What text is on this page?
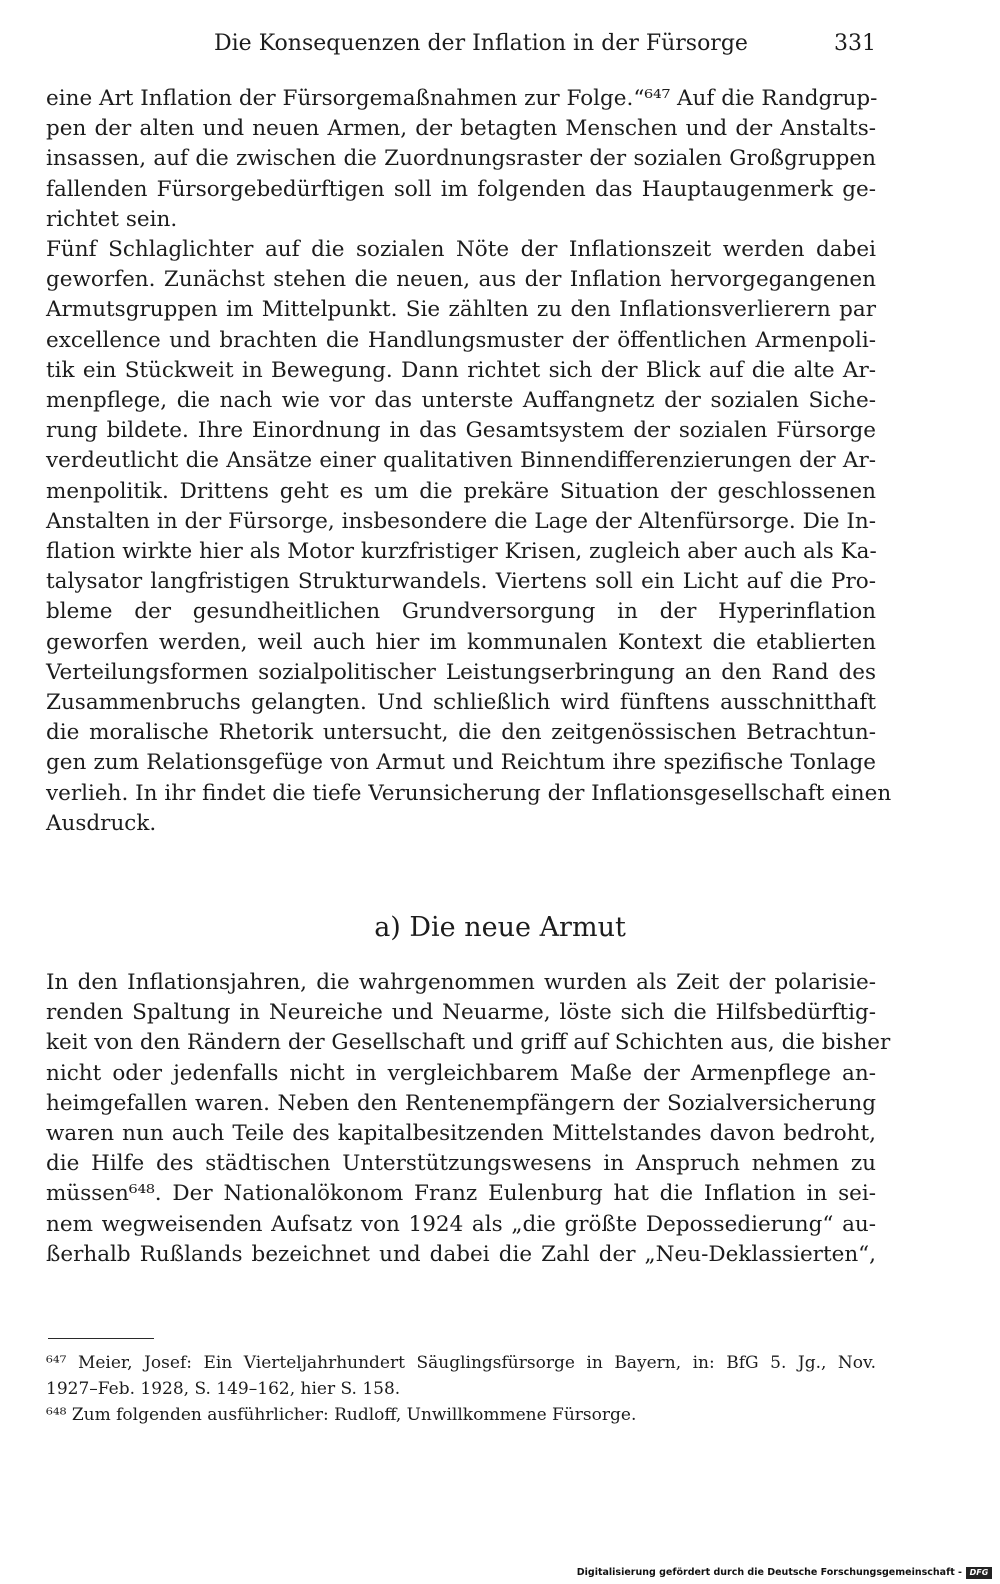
Die Konsequenzen der Inflation in der Fürsorge	331
eine Art Inflation der Fürsorgemaßnahmen zur Folge.“⁶⁴⁷ Auf die Randgrup-
pen der alten und neuen Armen, der betagten Menschen und der Anstalts-
insassen, auf die zwischen die Zuordnungsraster der sozialen Großgruppen
fallenden Fürsorgebedürftigen soll im folgenden das Hauptaugenmerk ge-
richtet sein.
Fünf Schlaglichter auf die sozialen Nöte der Inflationszeit werden dabei
geworfen. Zunächst stehen die neuen, aus der Inflation hervorgegangenen
Armutsgruppen im Mittelpunkt. Sie zählten zu den Inflationsverlierern par
excellence und brachten die Handlungsmuster der öffentlichen Armenpoli-
tik ein Stückweit in Bewegung. Dann richtet sich der Blick auf die alte Ar-
menpflege, die nach wie vor das unterste Auffangnetz der sozialen Siche-
rung bildete. Ihre Einordnung in das Gesamtsystem der sozialen Fürsorge
verdeutlicht die Ansätze einer qualitativen Binnendifferenzierungen der Ar-
menpolitik. Drittens geht es um die prekäre Situation der geschlossenen
Anstalten in der Fürsorge, insbesondere die Lage der Altenfürsorge. Die In-
flation wirkte hier als Motor kurzfristiger Krisen, zugleich aber auch als Ka-
talysator langfristigen Strukturwandels. Viertens soll ein Licht auf die Pro-
bleme der gesundheitlichen Grundversorgung in der Hyperinflation
geworfen werden, weil auch hier im kommunalen Kontext die etablierten
Verteilungsformen sozialpolitischer Leistungserbringung an den Rand des
Zusammenbruchs gelangten. Und schließlich wird fünftens ausschnitthaft
die moralische Rhetorik untersucht, die den zeitgenössischen Betrachtun-
gen zum Relationsgefüge von Armut und Reichtum ihre spezifische Tonlage
verlieh. In ihr findet die tiefe Verunsicherung der Inflationsgesellschaft einen
Ausdruck.
a) Die neue Armut
In den Inflationsjahren, die wahrgenommen wurden als Zeit der polarisie-
renden Spaltung in Neureiche und Neuarme, löste sich die Hilfsbedürftig-
keit von den Rändern der Gesellschaft und griff auf Schichten aus, die bisher
nicht oder jedenfalls nicht in vergleichbarem Maße der Armenpflege an-
heimgefallen waren. Neben den Rentenempfängern der Sozialversicherung
waren nun auch Teile des kapitalbesitzenden Mittelstandes davon bedroht,
die Hilfe des städtischen Unterstützungswesens in Anspruch nehmen zu
müssen⁶⁴⁸. Der Nationalökonom Franz Eulenburg hat die Inflation in sei-
nem wegweisenden Aufsatz von 1924 als „die größte Depossedierung“ au-
ßerhalb Rußlands bezeichnet und dabei die Zahl der „Neu-Deklassierten“,
⁶⁴⁷ Meier, Josef: Ein Vierteljahrhundert Säuglingsfürsorge in Bayern, in: BfG 5. Jg., Nov.
1927–Feb. 1928, S. 149–162, hier S. 158.
⁶⁴⁸ Zum folgenden ausführlicher: Rudloff, Unwillkommene Fürsorge.
Digitalisierung gefördert durch die Deutsche Forschungsgemeinschaft - DFG
